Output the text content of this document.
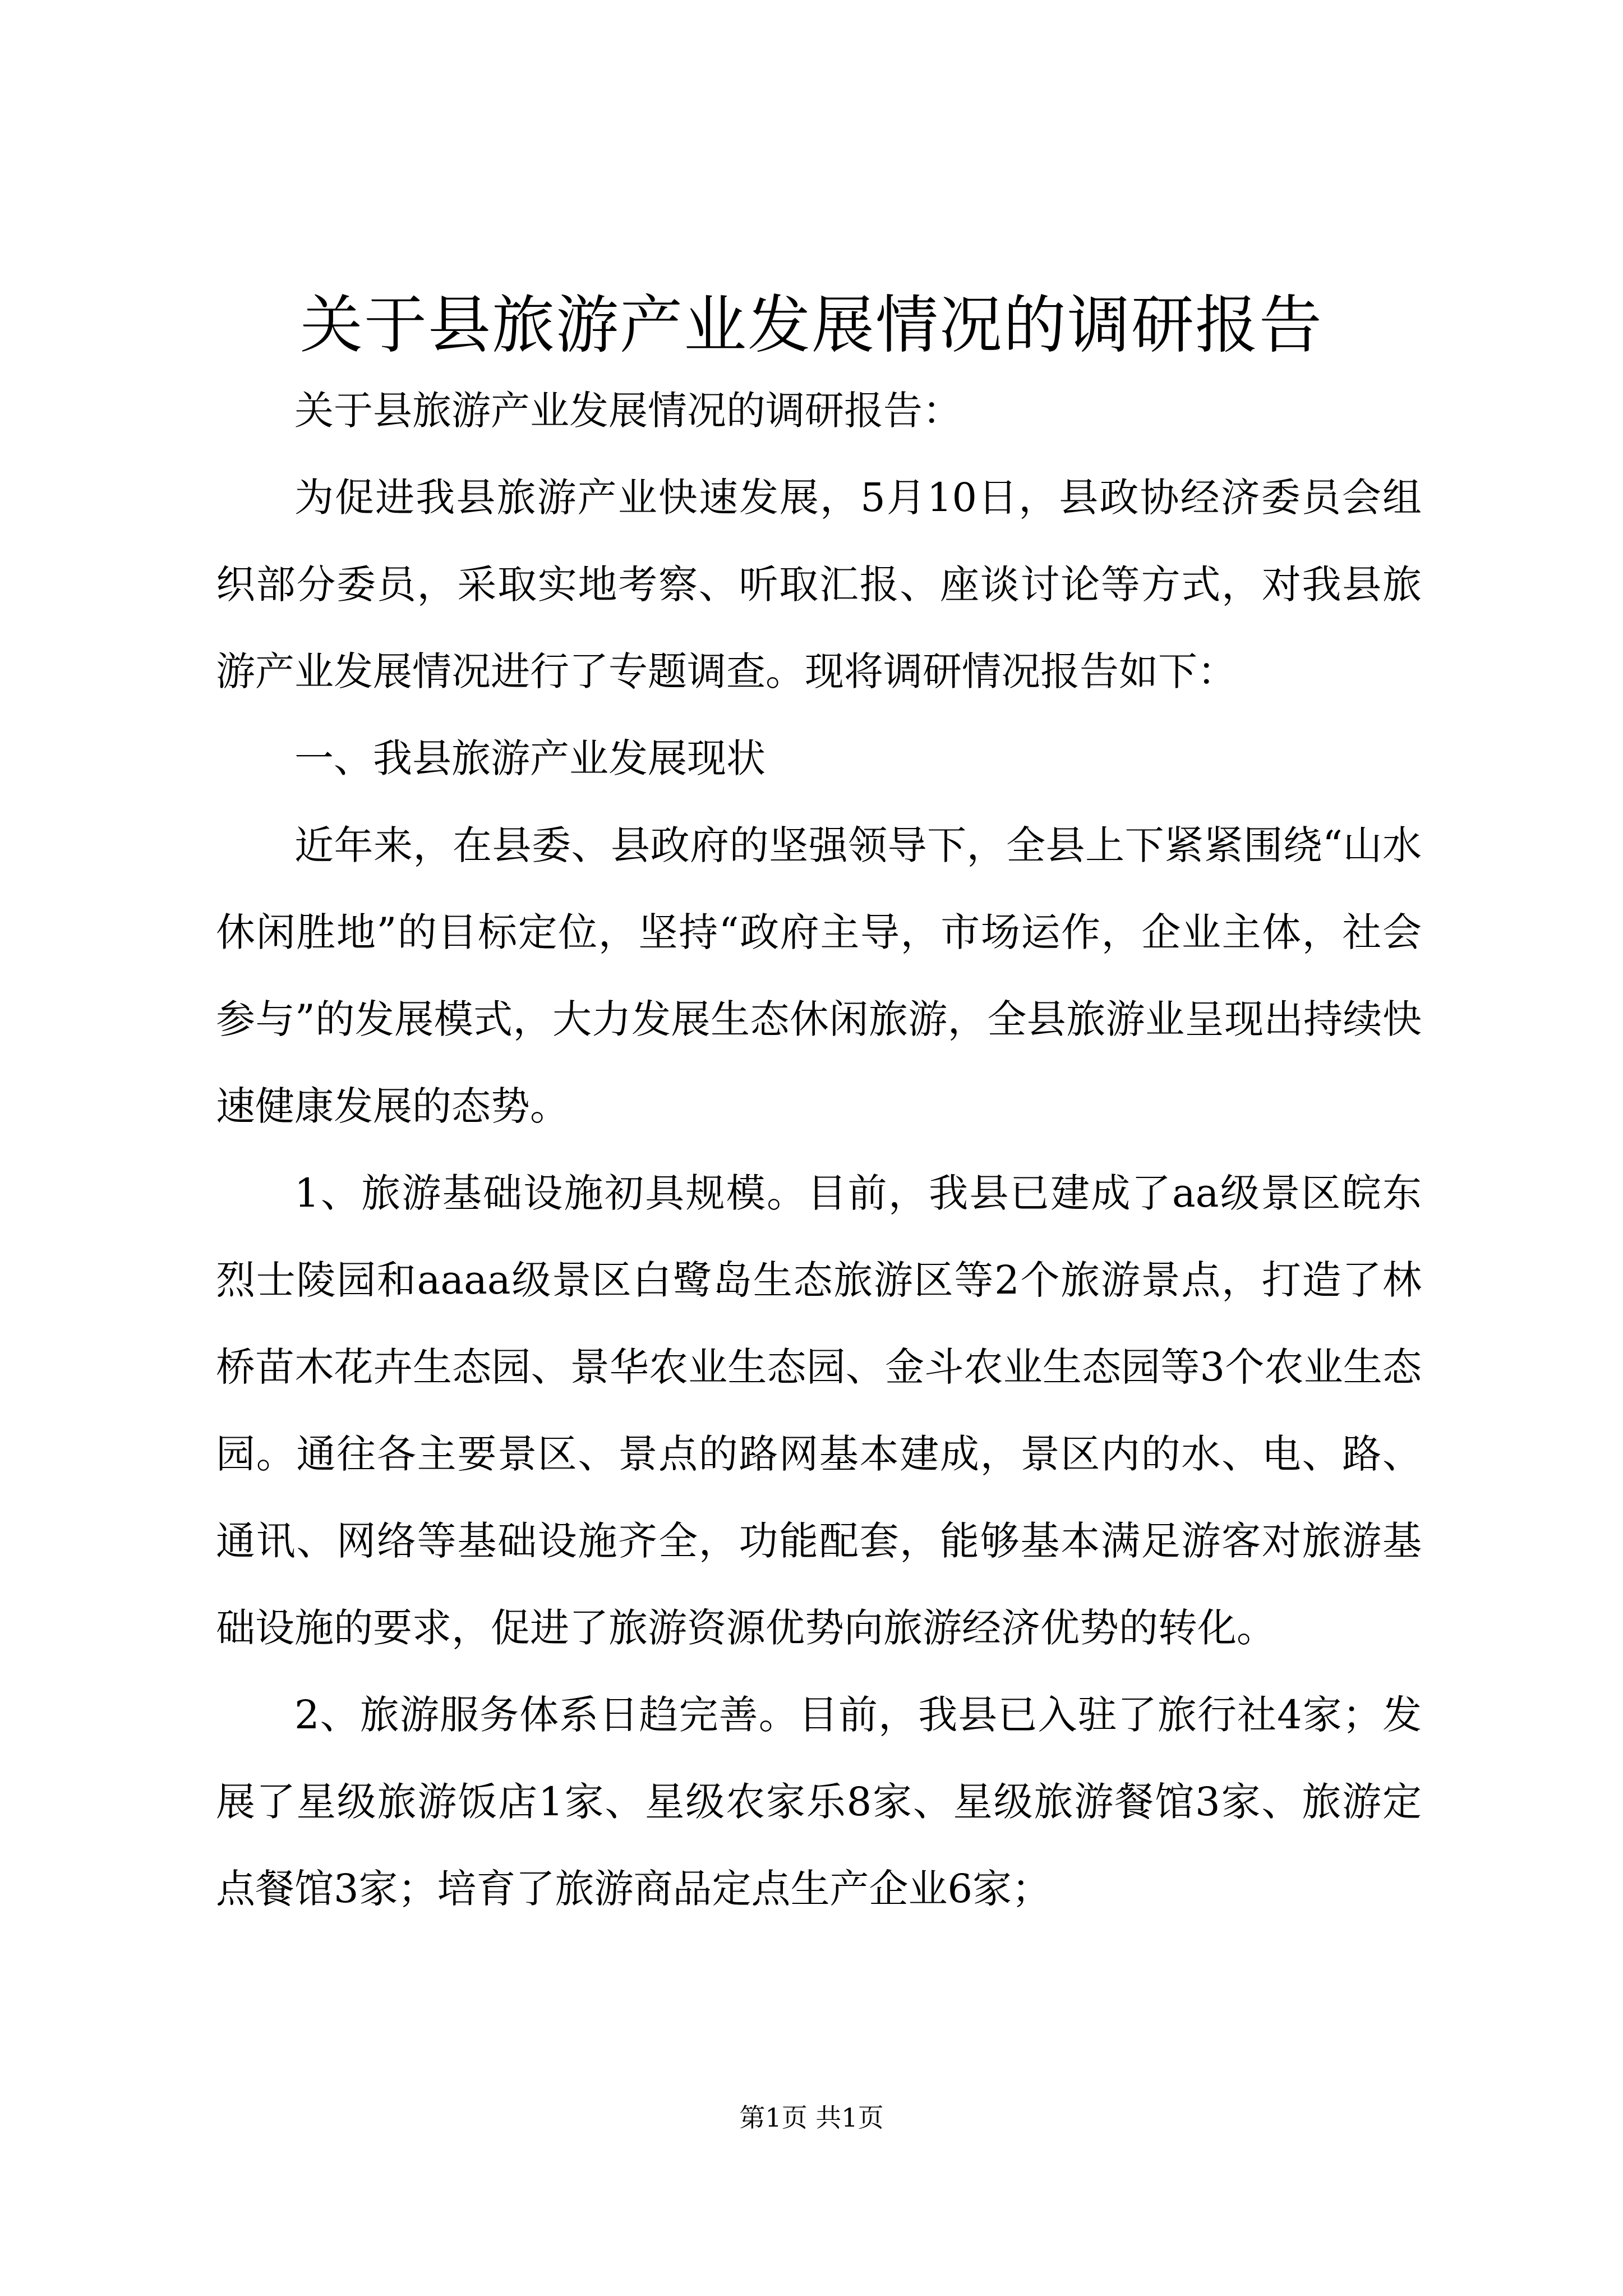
关于县旅游产业发展情况的调研报告

关于县旅游产业发展情况的调研报告：

为促进我县旅游产业快速发展，5月10日，县政协经济委员会组织部分委员，采取实地考察、听取汇报、座谈讨论等方式，对我县旅游产业发展情况进行了专题调查。现将调研情况报告如下：

一、我县旅游产业发展现状

近年来，在县委、县政府的坚强领导下，全县上下紧紧围绕“山水休闲胜地”的目标定位，坚持“政府主导，市场运作，企业主体，社会参与”的发展模式，大力发展生态休闲旅游，全县旅游业呈现出持续快速健康发展的态势。

1、旅游基础设施初具规模。目前，我县已建成了aa级景区皖东烈士陵园和aaaa级景区白鹭岛生态旅游区等2个旅游景点，打造了林桥苗木花卉生态园、景华农业生态园、金斗农业生态园等3个农业生态园。通往各主要景区、景点的路网基本建成，景区内的水、电、路、通讯、网络等基础设施齐全，功能配套，能够基本满足游客对旅游基础设施的要求，促进了旅游资源优势向旅游经济优势的转化。

2、旅游服务体系日趋完善。目前，我县已入驻了旅行社4家；发展了星级旅游饭店1家、星级农家乐8家、星级旅游餐馆3家、旅游定点餐馆3家；培育了旅游商品定点生产企业6家；

第1页 共1页
